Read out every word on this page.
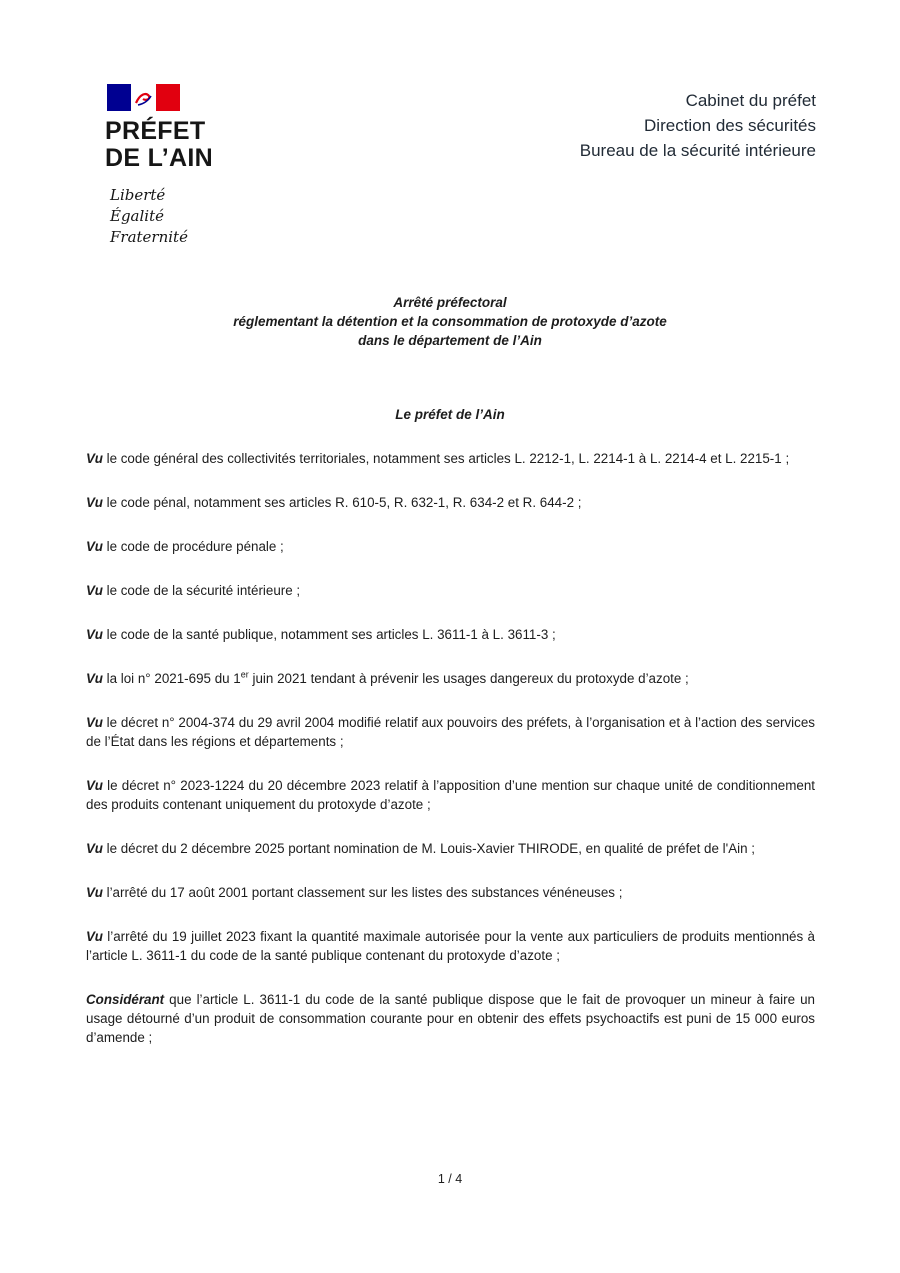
PRÉFET
DE L’AIN
Liberté
Égalité
Fraternité
Cabinet du préfet
Direction des sécurités
Bureau de la sécurité intérieure
Arrêté préfectoral
réglementant la détention et la consommation de protoxyde d’azote
dans le département de l’Ain
Le préfet de l’Ain

Vu le code général des collectivités territoriales, notamment ses articles L. 2212-1, L. 2214-1 à L. 2214-4 et L. 2215-1 ;

Vu le code pénal, notamment ses articles R. 610-5, R. 632-1, R. 634-2 et R. 644-2 ;

Vu le code de procédure pénale ;

Vu le code de la sécurité intérieure ;

Vu le code de la santé publique, notamment ses articles L. 3611-1 à L. 3611-3 ;

Vu la loi n° 2021-695 du 1er juin 2021 tendant à prévenir les usages dangereux du protoxyde d’azote ;

Vu le décret n° 2004-374 du 29 avril 2004 modifié relatif aux pouvoirs des préfets, à l’organisation et à l’action des services de l’État dans les régions et départements ;

Vu le décret n° 2023-1224 du 20 décembre 2023 relatif à l’apposition d’une mention sur chaque unité de conditionnement des produits contenant uniquement du protoxyde d’azote ;

Vu le décret du 2 décembre 2025 portant nomination de M. Louis-Xavier THIRODE, en qualité de préfet de l'Ain ;

Vu l’arrêté du 17 août 2001 portant classement sur les listes des substances vénéneuses ;

Vu l’arrêté du 19 juillet 2023 fixant la quantité maximale autorisée pour la vente aux particuliers de produits mentionnés à l’article L. 3611-1 du code de la santé publique contenant du protoxyde d’azote ;

Considérant que l’article L. 3611-1 du code de la santé publique dispose que le fait de provoquer un mineur à faire un usage détourné d’un produit de consommation courante pour en obtenir des effets psychoactifs est puni de 15 000 euros d’amende ;

1 / 4
